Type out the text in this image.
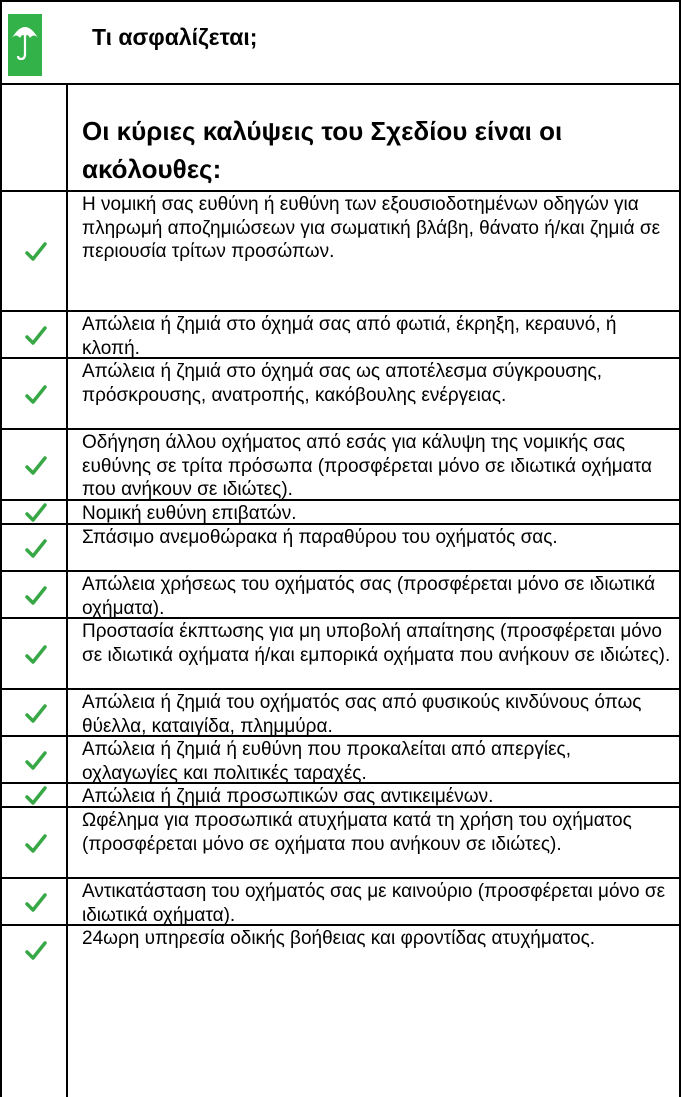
Τι ασφαλίζεται;
Οι κύριες καλύψεις του Σχεδίου είναι οι ακόλουθες:
Η νομική σας ευθύνη ή ευθύνη των εξουσιοδοτημένων οδηγών για πληρωμή αποζημιώσεων για σωματική βλάβη, θάνατο ή/και ζημιά σε περιουσία τρίτων προσώπων.
Απώλεια ή ζημιά στο όχημά σας από φωτιά, έκρηξη, κεραυνό, ή κλοπή.
Απώλεια ή ζημιά στο όχημά σας ως αποτέλεσμα σύγκρουσης, πρόσκρουσης, ανατροπής, κακόβουλης ενέργειας.
Οδήγηση άλλου οχήματος από εσάς για κάλυψη της νομικής σας ευθύνης σε τρίτα πρόσωπα (προσφέρεται μόνο σε ιδιωτικά οχήματα που ανήκουν σε ιδιώτες).
Νομική ευθύνη επιβατών.
Σπάσιμο ανεμοθώρακα ή παραθύρου του οχήματός σας.
Απώλεια χρήσεως του οχήματός σας (προσφέρεται μόνο σε ιδιωτικά οχήματα).
Προστασία έκπτωσης για μη υποβολή απαίτησης (προσφέρεται μόνο σε ιδιωτικά οχήματα ή/και εμπορικά οχήματα που ανήκουν σε ιδιώτες).
Απώλεια ή ζημιά του οχήματός σας από φυσικούς κινδύνους όπως θύελλα, καταιγίδα, πλημμύρα.
Απώλεια ή ζημιά ή ευθύνη που προκαλείται από απεργίες, οχλαγωγίες και πολιτικές ταραχές.
Απώλεια ή ζημιά προσωπικών σας αντικειμένων.
Ωφέλημα για προσωπικά ατυχήματα κατά τη χρήση του οχήματος (προσφέρεται μόνο σε οχήματα που ανήκουν σε ιδιώτες).
Αντικατάσταση του οχήματός σας με καινούριο (προσφέρεται μόνο σε ιδιωτικά οχήματα).
24ωρη υπηρεσία οδικής βοήθειας και φροντίδας ατυχήματος.
